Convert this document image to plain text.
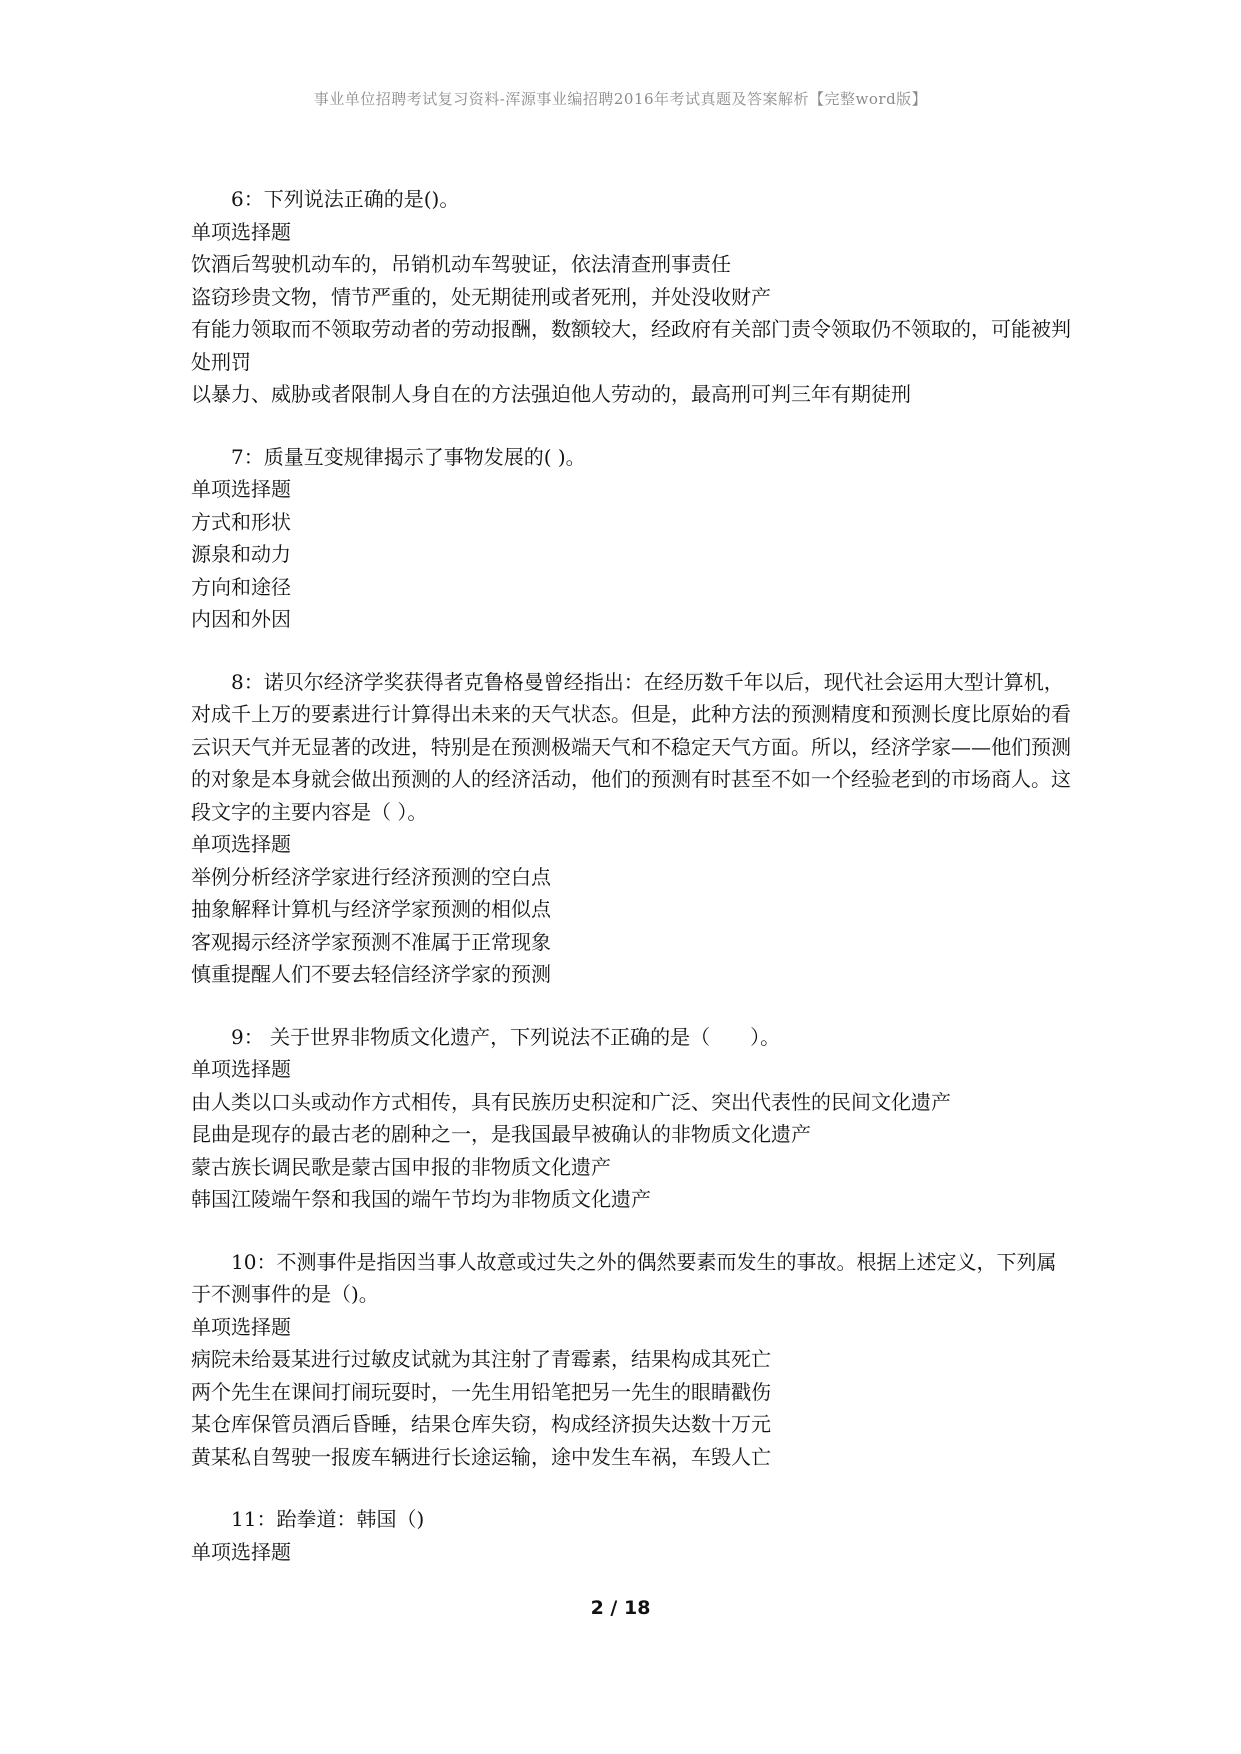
事业单位招聘考试复习资料-浑源事业编招聘2016年考试真题及答案解析【完整word版】

6：下列说法正确的是()。

单项选择题

饮酒后驾驶机动车的，吊销机动车驾驶证，依法清查刑事责任

盗窃珍贵文物，情节严重的，处无期徒刑或者死刑，并处没收财产

有能力领取而不领取劳动者的劳动报酬，数额较大，经政府有关部门责令领取仍不领取的，可能被判处刑罚

以暴力、威胁或者限制人身自在的方法强迫他人劳动的，最高刑可判三年有期徒刑

7：质量互变规律揭示了事物发展的( )。

单项选择题

方式和形状

源泉和动力

方向和途径

内因和外因

8：诺贝尔经济学奖获得者克鲁格曼曾经指出：在经历数千年以后，现代社会运用大型计算机，对成千上万的要素进行计算得出未来的天气状态。但是，此种方法的预测精度和预测长度比原始的看云识天气并无显著的改进，特别是在预测极端天气和不稳定天气方面。所以，经济学家——他们预测的对象是本身就会做出预测的人的经济活动，他们的预测有时甚至不如一个经验老到的市场商人。这段文字的主要内容是（ ）。

单项选择题

举例分析经济学家进行经济预测的空白点

抽象解释计算机与经济学家预测的相似点

客观揭示经济学家预测不准属于正常现象

慎重提醒人们不要去轻信经济学家的预测

9： 关于世界非物质文化遗产，下列说法不正确的是（　　）。

单项选择题

由人类以口头或动作方式相传，具有民族历史积淀和广泛、突出代表性的民间文化遗产

昆曲是现存的最古老的剧种之一，是我国最早被确认的非物质文化遗产

蒙古族长调民歌是蒙古国申报的非物质文化遗产

韩国江陵端午祭和我国的端午节均为非物质文化遗产

10：不测事件是指因当事人故意或过失之外的偶然要素而发生的事故。根据上述定义，下列属于不测事件的是（)。

单项选择题

病院未给聂某进行过敏皮试就为其注射了青霉素，结果构成其死亡

两个先生在课间打闹玩耍时，一先生用铅笔把另一先生的眼睛戳伤

某仓库保管员酒后昏睡，结果仓库失窃，构成经济损失达数十万元

黄某私自驾驶一报废车辆进行长途运输，途中发生车祸，车毁人亡

11：跆拳道：韩国（)

单项选择题

2 / 18
